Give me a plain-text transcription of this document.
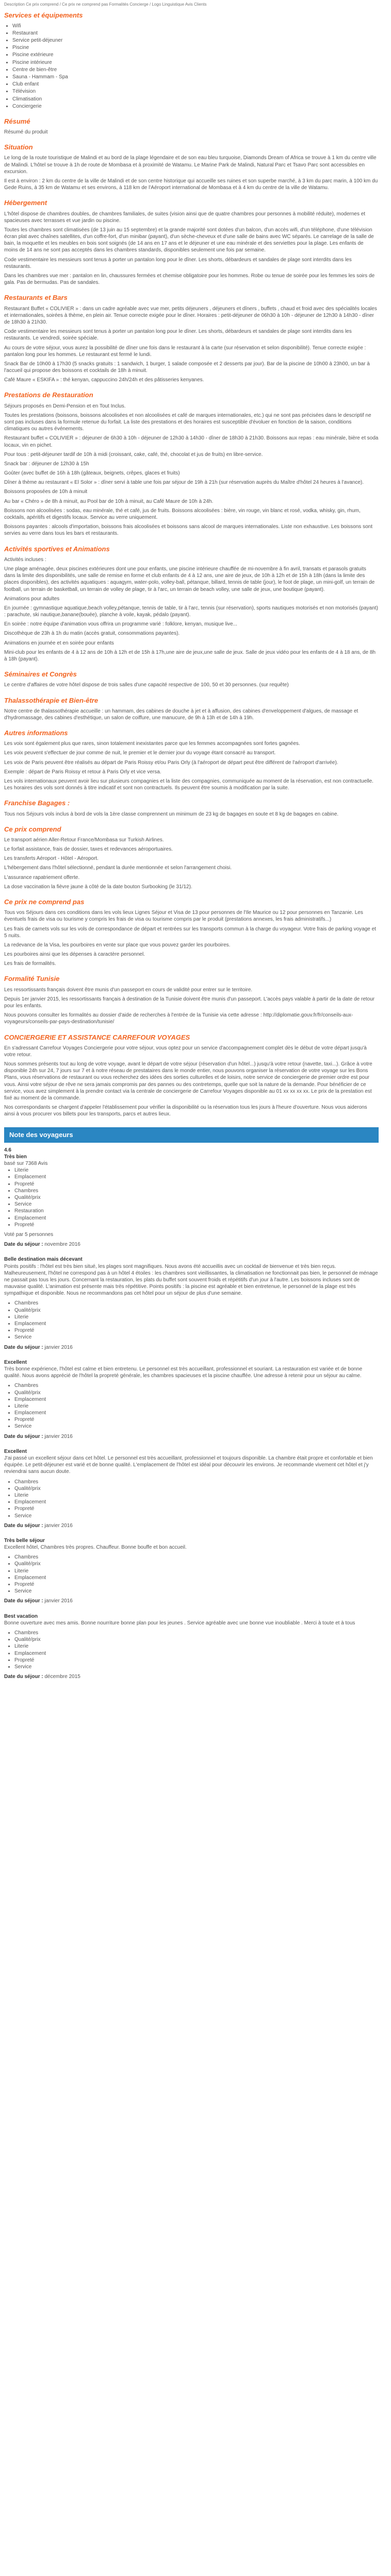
Description Ce prix comprend / Ce prix ne comprend pas Formalités Concierge / Logo Linguistique Avis Clients
Services et équipements
• Wifi
• Restaurant
• Service petit-déjeuner
• Piscine
• Piscine extérieure
• Piscine intérieure
• Centre de bien-être
• Sauna - Hammam - Spa
• Club enfant
• Télévision
• Climatisation
• Conciergerie
Résumé

Résumé du produit

Situation

Le long de la route touristique de Malindi et au bord de la plage légendaire et de son eau bleu turquoise, Diamonds Dream of Africa se trouve à 1 km du centre ville de Malindi. L'hôtel se trouve à 1h de route de Mombasa et à proximité de Watamu. Le Marine Park de Malindi, Natural Parc et Tsavo Parc sont accessibles en excursion.

Il est à environ : 2 km du centre de la ville de Malindi et de son centre historique qui accueille ses ruines et son superbe marché, à 3 km du parc marin, à 100 km du Gede Ruins, à 35 km de Watamu et ses environs, à 118 km de l'Aéroport international de Mombasa et à 4 km du centre de la ville de Watamu.

Hébergement

L'hôtel dispose de chambres doubles, de chambres familiales, de suites (vision ainsi que de quatre chambres pour personnes à mobilité réduite), modernes et spacieuses avec terrasses et vue jardin ou piscine.

Toutes les chambres sont climatisées (de 13 juin au 15 septembre) et la grande majorité sont dotées d'un balcon, d'un accès wifi, d'un téléphone, d'une télévision écran plat avec chaînes satellites, d'un coffre-fort, d'un minibar (payant), d'un sèche-cheveux et d'une salle de bains avec WC séparés. Le carrelage de la salle de bain, la moquette et les meubles en bois sont soignés (de 14 ans en 17 ans et le déjeuner et une eau minérale et des serviettes pour la plage. Les enfants de moins de 14 ans ne sont pas acceptés dans les chambres standards, disponibles seulement une fois par semaine.

Code vestimentaire les messieurs sont tenus à porter un pantalon long pour le dîner. Les shorts, débardeurs et sandales de plage sont interdits dans les restaurants.

Dans les chambres vue mer : pantalon en lin, chaussures fermées et chemise obligatoire pour les hommes. Robe ou tenue de soirée pour les femmes les soirs de gala. Pas de bermudas. Pas de sandales.

Restaurants et Bars

Restaurant Buffet « COLIVIER » : dans un cadre agréable avec vue mer, petits déjeuners , déjeuners et dîners , buffets , chaud et froid avec des spécialités locales et internationales, soirées à thème, en plein air. Tenue correcte exigée pour le dîner. Horaires : petit-déjeuner de 06h30 à 10h - déjeuner de 12h30 à 14h30 - dîner de 18h30 à 21h30.

Code vestimentaire les messieurs sont tenus à porter un pantalon long pour le dîner. Les shorts, débardeurs et sandales de plage sont interdits dans les restaurants. Le vendredi, soirée spéciale.

Au cours de votre séjour, vous aurez la possibilité de dîner une fois dans le restaurant à la carte (sur réservation et selon disponibilité). Tenue correcte exigée : pantalon long pour les hommes. Le restaurant est fermé le lundi.

Snack Bar de 10h00 à 17h30 (5 snacks gratuits : 1 sandwich, 1 burger, 1 salade composée et 2 desserts par jour). Bar de la piscine de 10h00 à 23h00, un bar à l'accueil qui propose des boissons et cocktails de 18h à minuit.

Café Maure « ESKIFA » : thé kenyan, cappuccino 24h/24h et des pâtisseries kenyanes.

Prestations de Restauration

Séjours proposés en Demi-Pension et en Tout Inclus.

Toutes les prestations (boissons, boissons alcoolisées et non alcoolisées et café de marques internationales, etc.) qui ne sont pas précisées dans le descriptif ne sont pas incluses dans la formule retenue du forfait. La liste des prestations et des horaires est susceptible d'évoluer en fonction de la saison, conditions climatiques ou autres événements.

Restaurant buffet « COLIVIER » : déjeuner de 6h30 à 10h - déjeuner de 12h30 à 14h30 - dîner de 18h30 à 21h30. Boissons aux repas : eau minérale, bière et soda locaux, vin en pichet.

Pour tous : petit-déjeuner tardif de 10h à midi (croissant, cake, café, thé, chocolat et jus de fruits) en libre-service.

Snack bar : déjeuner de 12h30 à 15h

Goûter (avec buffet de 16h à 18h (gâteaux, beignets, crêpes, glaces et fruits)

Dîner à thème au restaurant « El Solor » : dîner servi à table une fois par séjour de 19h à 21h (sur réservation auprès du Maître d'hôtel 24 heures à l'avance).

Boissons proposées de 10h à minuit

Au bar « Chéro » de 8h à minuit, au Pool bar de 10h à minuit, au Café Maure de 10h à 24h.

Boissons non alcoolisées : sodas, eau minérale, thé et café, jus de fruits. Boissons alcoolisées : bière, vin rouge, vin blanc et rosé, vodka, whisky, gin, rhum, cocktails, apéritifs et digestifs locaux. Service au verre uniquement.

Boissons payantes : alcools d'importation, boissons frais alcoolisées et boissons sans alcool de marques internationales. Liste non exhaustive. Les boissons sont servies au verre dans tous les bars et restaurants.

Activités sportives et Animations

Activités incluses :

Une plage aménagée, deux piscines extérieures dont une pour enfants, une piscine intérieure chauffée de mi-novembre à fin avril, transats et parasols gratuits dans la limite des disponibilités, une salle de remise en forme et club enfants de 4 à 12 ans, une aire de jeux, de 10h à 12h et de 15h à 18h (dans la limite des places disponibles), des activités aquatiques : aquagym, water-polo, volley-ball, pétanque, billard, tennis de table (jour), le foot de plage, un mini-golf, un terrain de football, un terrain de basketball, un terrain de volley de plage, tir à l'arc, un terrain de beach volley, une salle de jeux, une boutique (payant).

Animations pour adultes

En journée : gymnastique aquatique,beach volley,pétanque, tennis de table, tir à l'arc, tennis (sur réservation), sports nautiques motorisés et non motorisés (payant) : parachute, ski nautique,banane(bouée), planche à voile, kayak, pédalo (payant).

En soirée : notre équipe d'animation vous offrira un programme varié : folklore, kenyan, musique live...

Discothèque de 23h à 1h du matin (accès gratuit, consommations payantes).

Animations en journée et en soirée pour enfants

Mini-club pour les enfants de 4 à 12 ans de 10h à 12h et de 15h à 17h,une aire de jeux,une salle de jeux. Salle de jeux vidéo pour les enfants de 4 à 18 ans, de 8h à 18h (payant).

Séminaires et Congrès

Le centre d'affaires de votre hôtel dispose de trois salles d'une capacité respective de 100, 50 et 30 personnes. (sur requête)

Thalassothérapie et Bien-être

Notre centre de thalassothérapie accueille : un hammam, des cabines de douche à jet et à affusion, des cabines d'enveloppement d'algues, de massage et d'hydromassage, des cabines d'esthétique, un salon de coiffure, une manucure, de 9h à 13h et de 14h à 19h.

Autres informations

Les voix sont également plus que rares, sinon totalement inexistantes parce que les femmes accompagnées sont fortes gagnées.

Les voix peuvent s'effectuer de jour comme de nuit, le premier et le dernier jour du voyage étant consacré au transport.

Les voix de Paris peuvent être réalisés au départ de Paris Roissy et/ou Paris Orly (à l'aéroport de départ peut être différent de l'aéroport d'arrivée).

Exemple : départ de Paris Roissy et retour à Paris Orly et vice versa.

Les vols internationaux peuvent avoir lieu sur plusieurs compagnies et la liste des compagnies, communiquée au moment de la réservation, est non contractuelle. Les horaires des vols sont donnés à titre indicatif et sont non contractuels. Ils peuvent être soumis à modification par la suite.

Franchise Bagages :

Tous nos Séjours vols inclus à bord de vols la 1ère classe comprennent un minimum de 23 kg de bagages en soute et 8 kg de bagages en cabine.

Ce prix comprend

Le transport aérien Aller-Retour France/Mombasa sur Turkish Airlines.

Le forfait assistance, frais de dossier, taxes et redevances aéroportuaires.

Les transferts Aéroport - Hôtel - Aéroport.

L'hébergement dans l'hôtel sélectionné, pendant la durée mentionnée et selon l'arrangement choisi.

L'assurance rapatriement offerte.

La dose vaccination la fièvre jaune à côté de la date bouton Surbooking (le 31/12).

Ce prix ne comprend pas

Tous vos Séjours dans ces conditions dans les vols lieux Lignes Séjour et Visa de 13 pour personnes de l'Ile Maurice ou 12 pour personnes en Tanzanie. Les éventuels frais de visa ou tourisme y compris les frais de visa ou tourisme compris par le produit (prestations annexes, les frais administratifs...)

Les frais de carnets vols sur les vols de correspondance de départ et rentrées sur les transports commun à la charge du voyageur. Votre frais de parking voyage et 5 nuits.

La redevance de la Visa, les pourboires en vente sur place que vous pouvez garder les pourboires.

Les pourboires ainsi que les dépenses à caractère personnel.

Les frais de formalités.

Formalité Tunisie

Les ressortissants français doivent être munis d'un passeport en cours de validité pour entrer sur le territoire.

Depuis 1er janvier 2015, les ressortissants français à destination de la Tunisie doivent être munis d'un passeport. L'accès pays valable à partir de la date de retour pour les enfants.

Nous pouvons consulter les formalités au dossier d'aide de recherches à l'entrée de la Tunisie via cette adresse : http://diplomatie.gouv.fr/fr/conseils-aux-voyageurs/conseils-par-pays-destination/tunisie/

CONCIERGERIE ET ASSISTANCE CARREFOUR VOYAGES

En s'adressant Carrefour Voyages Conciergerie pour votre séjour, vous optez pour un service d'accompagnement complet dès le début de votre départ jusqu'à votre retour.

Nous sommes présents tout au long de votre voyage, avant le départ de votre séjour (réservation d'un hôtel...) jusqu'à votre retour (navette, taxi...). Grâce à votre disponible 24h sur 24, 7 jours sur 7 et à notre réseau de prestataires dans le monde entier, nous pouvons organiser la réservation de votre voyage sur les Bons Plans, vous réservations de restaurant ou vous recherchez des idées des sorties culturelles et de loisirs, notre service de conciergerie de premier ordre est pour vous. Ainsi votre séjour de rêve ne sera jamais compromis par des pannes ou des contretemps, quelle que soit la nature de la demande. Pour bénéficier de ce service, vous avez simplement à la prendre contact via la centrale de conciergerie de Carrefour Voyages disponible au 01 xx xx xx xx. Le prix de la prestation est fixé au moment de la commande.

Nos correspondants se chargent d'appeler l'établissement pour vérifier la disponibilité ou la réservation tous les jours à l'heure d'ouverture. Nous vous aiderons ainsi à vous procurer vos billets pour les transports, parcs et autres lieux.

Note des voyageurs
4.6
Très bien
basé sur 7368 Avis
• Literie
• Emplacement
• Propreté
• Chambres
• Qualité/prix
• Service
• Restauration
• Emplacement
• Propreté

Voté par 5 personnes

Date du séjour : novembre 2016
Belle destination mais décevant

Points positifs : l'hôtel est très bien situé, les plages sont magnifiques. Nous avons été accueillis avec un cocktail de bienvenue et très bien reçus. Malheureusement, l'hôtel ne correspond pas à un hôtel 4 étoiles : les chambres sont vieillissantes, la climatisation ne fonctionnait pas bien, le personnel de ménage ne passait pas tous les jours. Concernant la restauration, les plats du buffet sont souvent froids et répétitifs d'un jour à l'autre. Les boissons incluses sont de mauvaise qualité. L'animation est présente mais très répétitive. Points positifs : la piscine est agréable et bien entretenue, le personnel de la plage est très sympathique et disponible. Nous ne recommandons pas cet hôtel pour un séjour de plus d'une semaine.

• Chambres
• Qualité/prix
• Literie
• Emplacement
• Propreté
• Service
Date du séjour : janvier 2016
Excellent

Très bonne expérience, l'hôtel est calme et bien entretenu. Le personnel est très accueillant, professionnel et souriant. La restauration est variée et de bonne qualité. Nous avons apprécié de l'hôtel la propreté générale, les chambres spacieuses et la piscine chauffée. Une adresse à retenir pour un séjour au calme.

• Chambres
• Qualité/prix
• Emplacement
• Literie
• Emplacement
• Propreté
• Service
Date du séjour : janvier 2016
Excellent

J'ai passé un excellent séjour dans cet hôtel. Le personnel est très accueillant, professionnel et toujours disponible. La chambre était propre et confortable et bien équipée. Le petit-déjeuner est varié et de bonne qualité. L'emplacement de l'hôtel est idéal pour découvrir les environs. Je recommande vivement cet hôtel et j'y reviendrai sans aucun doute.

• Chambres
• Qualité/prix
• Literie
• Emplacement
• Propreté
• Service
Date du séjour : janvier 2016
Très belle séjour

Excellent hôtel, Chambres très propres. Chauffeur. Bonne bouffe et bon accueil.

• Chambres
• Qualité/prix
• Literie
• Emplacement
• Propreté
• Service
Date du séjour : janvier 2016
Best vacation

Bonne ouverture avec mes amis. Bonne nourriture bonne plan pour les jeunes . Service agréable avec une bonne vue inoubliable . Merci à toute et à tous

• Chambres
• Qualité/prix
• Literie
• Emplacement
• Propreté
• Service
Date du séjour : décembre 2015
